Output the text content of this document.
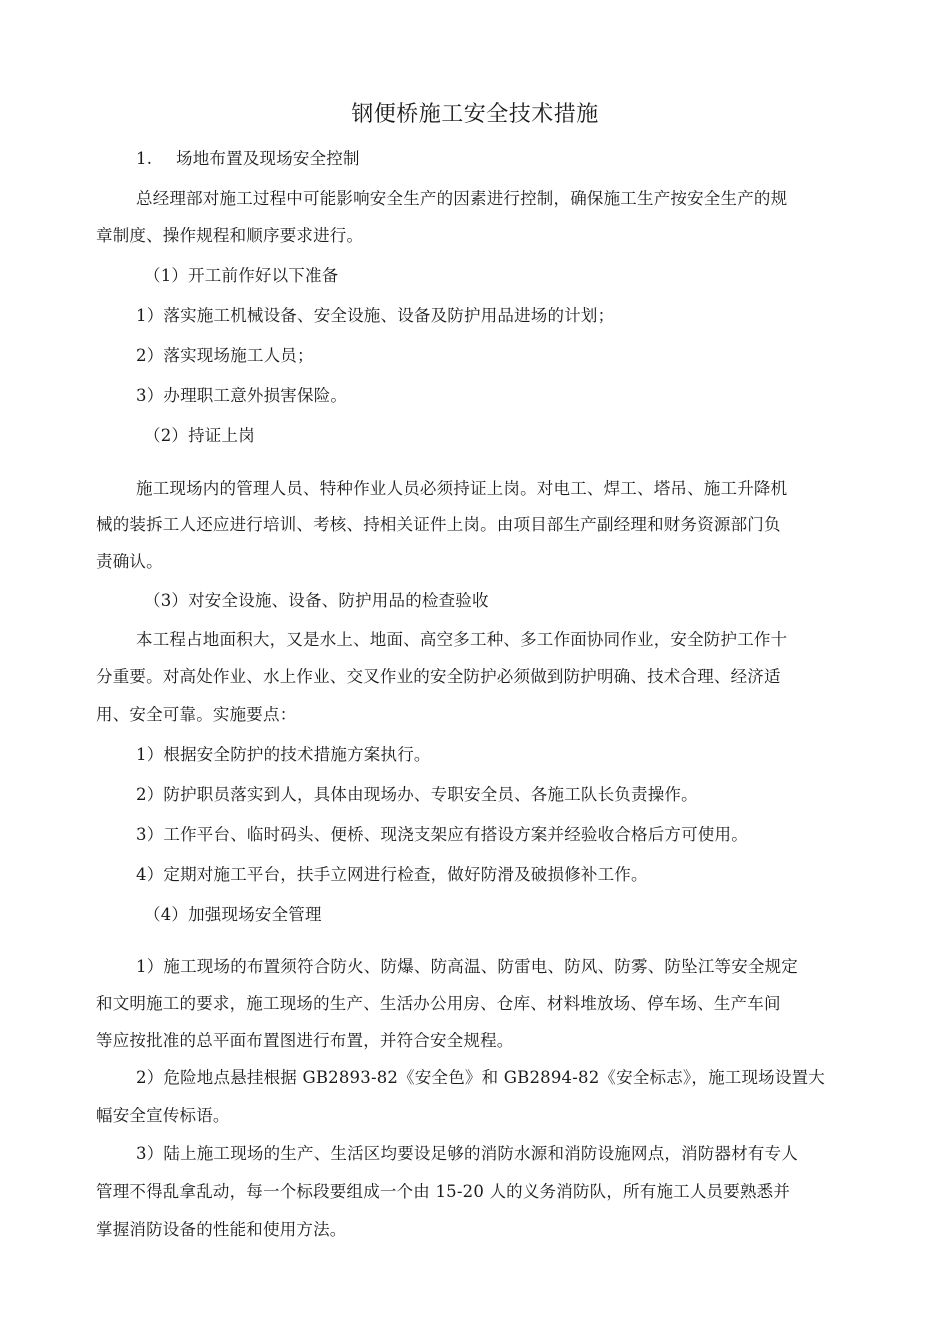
钢便桥施工安全技术措施
1. 场地布置及现场安全控制
总经理部对施工过程中可能影响安全生产的因素进行控制，确保施工生产按安全生产的规
章制度、操作规程和顺序要求进行。
（1）开工前作好以下准备
1）落实施工机械设备、安全设施、设备及防护用品进场的计划；
2）落实现场施工人员；
3）办理职工意外损害保险。
（2）持证上岗
施工现场内的管理人员、特种作业人员必须持证上岗。对电工、焊工、塔吊、施工升降机
械的装拆工人还应进行培训、考核、持相关证件上岗。由项目部生产副经理和财务资源部门负
责确认。
（3）对安全设施、设备、防护用品的检查验收
本工程占地面积大，又是水上、地面、高空多工种、多工作面协同作业，安全防护工作十
分重要。对高处作业、水上作业、交叉作业的安全防护必须做到防护明确、技术合理、经济适
用、安全可靠。实施要点：
1）根据安全防护的技术措施方案执行。
2）防护职员落实到人，具体由现场办、专职安全员、各施工队长负责操作。
3）工作平台、临时码头、便桥、现浇支架应有搭设方案并经验收合格后方可使用。
4）定期对施工平台，扶手立网进行检查，做好防滑及破损修补工作。
（4）加强现场安全管理
1）施工现场的布置须符合防火、防爆、防高温、防雷电、防风、防雾、防坠江等安全规定
和文明施工的要求，施工现场的生产、生活办公用房、仓库、材料堆放场、停车场、生产车间
等应按批准的总平面布置图进行布置，并符合安全规程。
2）危险地点悬挂根据 GB2893-82《安全色》和 GB2894-82《安全标志》，施工现场设置大
幅安全宣传标语。
3）陆上施工现场的生产、生活区均要设足够的消防水源和消防设施网点，消防器材有专人
管理不得乱拿乱动，每一个标段要组成一个由 15-20 人的义务消防队，所有施工人员要熟悉并
掌握消防设备的性能和使用方法。
